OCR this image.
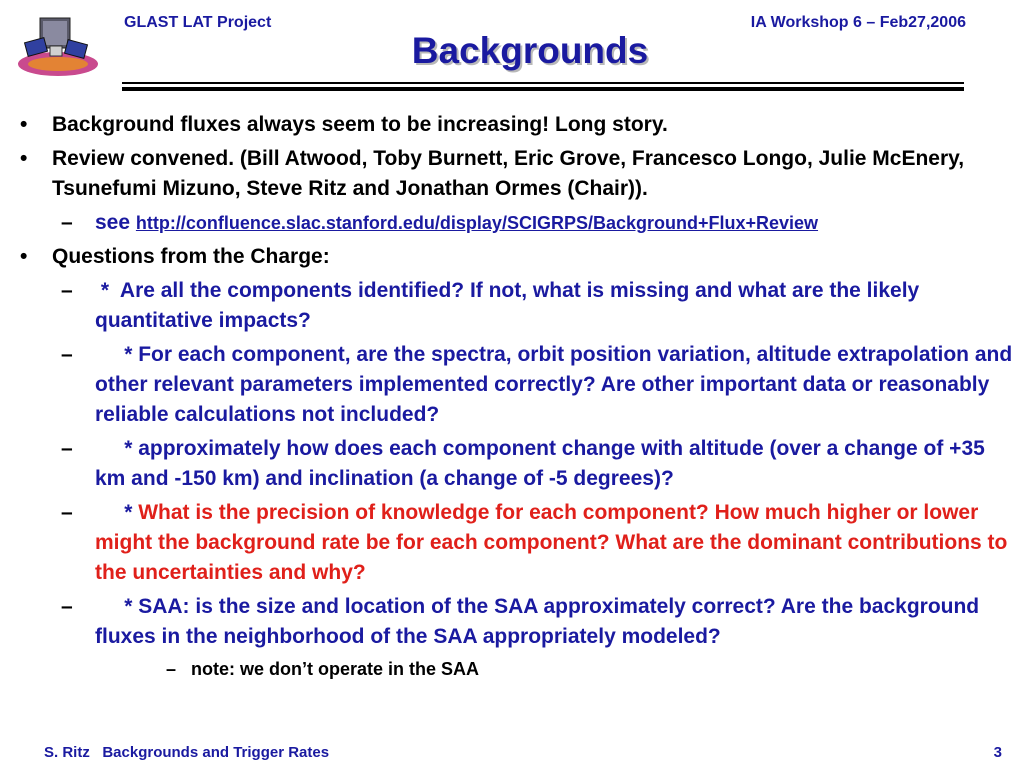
GLAST LAT Project	IA Workshop 6 – Feb27,2006
Backgrounds
• Background fluxes always seem to be increasing! Long story.
• Review convened. (Bill Atwood, Toby Burnett, Eric Grove, Francesco Longo, Julie McEnery, Tsunefumi Mizuno, Steve Ritz and Jonathan Ormes (Chair)).
– see http://confluence.slac.stanford.edu/display/SCIGRPS/Background+Flux+Review
• Questions from the Charge:
– *  Are all the components identified? If not, what is missing and what are the likely quantitative impacts?
– * For each component, are the spectra, orbit position variation, altitude extrapolation and other relevant parameters implemented correctly? Are other important data or reasonably reliable calculations not included?
– * approximately how does each component change with altitude (over a change of +35 km and -150 km) and inclination (a change of -5 degrees)?
– * What is the precision of knowledge for each component? How much higher or lower might the background rate be for each component? What are the dominant contributions to the uncertainties and why?
– * SAA: is the size and location of the SAA approximately correct? Are the background fluxes in the neighborhood of the SAA appropriately modeled?
– note: we don’t operate in the SAA
S. Ritz   Backgrounds and Trigger Rates	3
